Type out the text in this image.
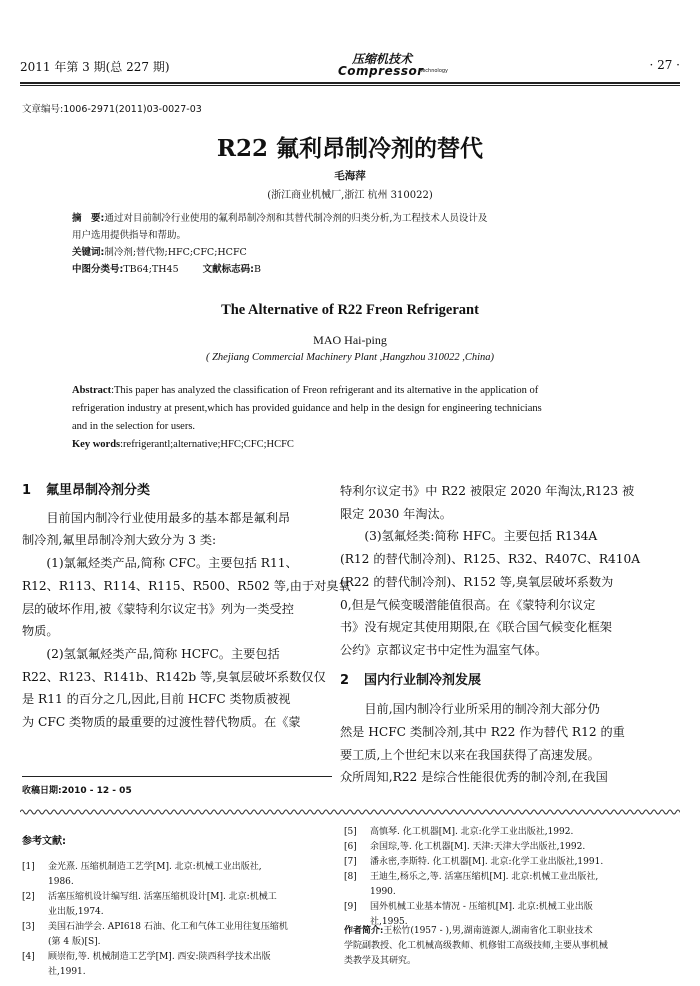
2011 年第 3 期(总 227 期)
压缩机技术
Compressor
Technology	· 27 ·
文章编号:1006-2971(2011)03-0027-03
R22 氟利昂制冷剂的替代
毛海萍
(浙江商业机械厂,浙江 杭州 310022)
摘　要:通过对目前制冷行业使用的氟利昂制冷剂和其替代制冷剂的归类分析,为工程技术人员设计及
用户选用提供指导和帮助。
关键词:制冷剂;替代物;HFC;CFC;HCFC
中图分类号:TB64;TH45	文献标志码:B
The Alternative of R22 Freon Refrigerant
MAO Hai-ping
( Zhejiang Commercial Machinery Plant ,Hangzhou 310022 ,China)
Abstract:This paper has analyzed the classification of Freon refrigerant and its alternative in the application of
refrigeration industry at present,which has provided guidance and help in the design for engineering technicians
and in the selection for users.
Key words:refrigerantl;alternative;HFC;CFC;HCFC
1 氟里昂制冷剂分类
　　目前国内制冷行业使用最多的基本都是氟利昂
制冷剂,氟里昂制冷剂大致分为 3 类:
　　(1)氯氟烃类产品,简称 CFC。主要包括 R11、
R12、R113、R114、R115、R500、R502 等,由于对臭氧
层的破坏作用,被《蒙特利尔议定书》列为一类受控
物质。
　　(2)氢氯氟烃类产品,简称 HCFC。主要包括
R22、R123、R141b、R142b 等,臭氧层破坏系数仅仅
是 R11 的百分之几,因此,目前 HCFC 类物质被视
为 CFC 类物质的最重要的过渡性替代物质。在《蒙
收稿日期:2010 - 12 - 05
特利尔议定书》中 R22 被限定 2020 年淘汰,R123 被
限定 2030 年淘汰。
　　(3)氢氟烃类:简称 HFC。主要包括 R134A
(R12 的替代制冷剂)、R125、R32、R407C、R410A
(R22 的替代制冷剂)、R152 等,臭氧层破坏系数为
0,但是气候变暖潜能值很高。在《蒙特利尔议定
书》没有规定其使用期限,在《联合国气候变化框架
公约》京都议定书中定性为温室气体。
2 国内行业制冷剂发展
　　目前,国内制冷行业所采用的制冷剂大部分仍
然是 HCFC 类制冷剂,其中 R22 作为替代 R12 的重
要工质,上个世纪末以来在我国获得了高速发展。
众所周知,R22 是综合性能很优秀的制冷剂,在我国
参考文献:
[1]	金光熹. 压缩机制造工艺学[M]. 北京:机械工业出版社,
1986.
[2]	活塞压缩机设计编写组. 活塞压缩机设计[M]. 北京:机械工
业出版,1974.
[3]	美国石油学会. API618 石油、化工和气体工业用往复压缩机
(第 4 版)[S].
[4]	顾崇衔,等. 机械制造工艺学[M]. 西安:陕西科学技术出版
社,1991.
[5]	高慎琴. 化工机器[M]. 北京:化学工业出版社,1992.
[6]	余国琮,等. 化工机器[M]. 天津:天津大学出版社,1992.
[7]	潘永密,李斯特. 化工机器[M]. 北京:化学工业出版社,1991.
[8]	王迪生,杨乐之,等. 活塞压缩机[M]. 北京:机械工业出版社,
1990.
[9]	国外机械工业基本情况 - 压缩机[M]. 北京:机械工业出版
社,1995.
作者简介:王松竹(1957 - ),男,湖南涟源人,湖南省化工职业技术
学院副教授、化工机械高级教师、机修钳工高级技师,主要从事机械
类教学及其研究。
